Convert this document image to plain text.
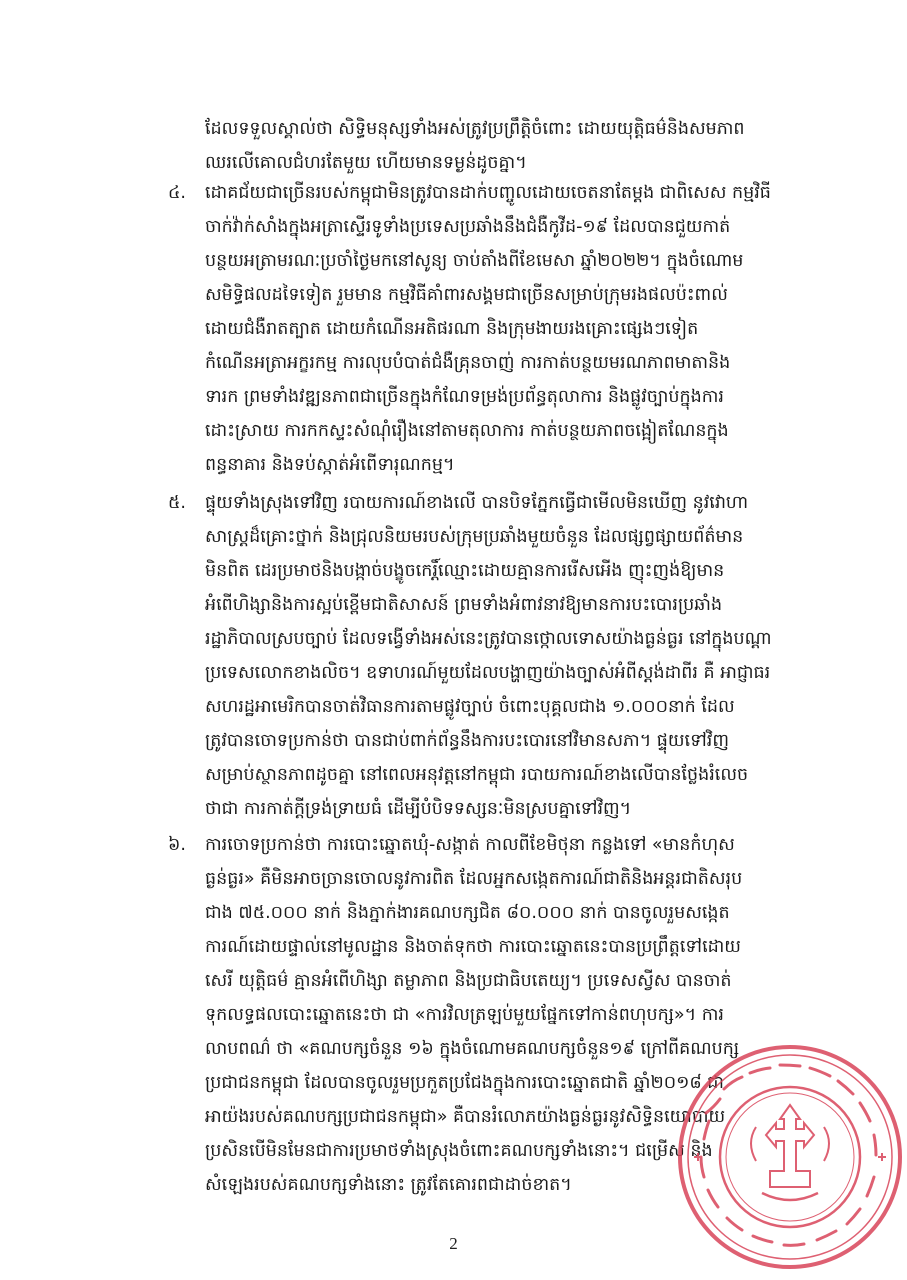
ដែលទទួលស្គាល់ថា សិទ្ធិមនុស្សទាំងអស់ត្រូវប្រព្រឹត្តិចំពោះ ដោយយុត្តិធម៌និងសមភាព
ឈរលើគោលជំហរតែមួយ ហើយមានទម្ងន់ដូចគ្នា។
៤.	ដោគជ័យជាច្រើនរបស់កម្ពុជាមិនត្រូវបានដាក់បញ្ចូលដោយចេតនាតែម្តង ជាពិសេស កម្មវិធី
ចាក់វ៉ាក់សាំងក្នុងអត្រាស្ទើរទូទាំងប្រទេសប្រឆាំងនឹងជំងឺកូវីដ-១៩ ដែលបានជួយកាត់
បន្ថយអត្រាមរណៈប្រចាំថ្ងៃមកនៅសូន្យ ចាប់តាំងពីខែមេសា ឆ្នាំ២០២២។ ក្នុងចំណោម
សមិទ្ធិផលដទៃទៀត រួមមាន កម្មវិធីគាំពារសង្គមជាច្រើនសម្រាប់ក្រុមរងផលប៉ះពាល់
ដោយជំងឺរាតត្បាត ដោយកំណើនអតិផរណា និងក្រុមងាយរងគ្រោះផ្សេងៗទៀត
កំណើនអត្រាអក្ខរកម្ម ការលុបបំបាត់ជំងឺគ្រុនចាញ់ ការកាត់បន្ថយមរណភាពមាតានិង
ទារក ព្រមទាំងវឌ្ឍនភាពជាច្រើនក្នុងកំណែទម្រង់ប្រព័ន្ធតុលាការ និងផ្លូវច្បាប់ក្នុងការ
ដោះស្រាយ ការកកស្ទះសំណុំរឿងនៅតាមតុលាការ កាត់បន្ថយភាពចង្អៀតណែនក្នុង
ពន្ធនាគារ និងទប់ស្កាត់អំពើទារុណកម្ម។
៥.	ផ្ទុយទាំងស្រុងទៅវិញ របាយការណ៍ខាងលើ បានបិទភ្នែកធ្វើជាមើលមិនឃើញ នូវវោហា
សាស្ត្រដ៏គ្រោះថ្នាក់ និងជ្រុលនិយមរបស់ក្រុមប្រឆាំងមួយចំនួន ដែលផ្សព្វផ្សាយព័ត៌មាន
មិនពិត ដេរប្រមាថនិងបង្កាច់បង្ខូចកេរ្តិ៍ឈ្មោះដោយគ្មានការរើសអើង ញុះញង់ឱ្យមាន
អំពើហិង្សានិងការស្អប់ខ្ពើមជាតិសាសន៍ ព្រមទាំងអំពាវនាវឱ្យមានការបះបោរប្រឆាំង
រដ្ឋាភិបាលស្របច្បាប់ ដែលទង្វើទាំងអស់នេះត្រូវបានថ្កោលទោសយ៉ាងធ្ងន់ធ្ងរ នៅក្នុងបណ្តា
ប្រទេសលោកខាងលិច។ ឧទាហរណ៍មួយដែលបង្ហាញយ៉ាងច្បាស់អំពីស្តង់ដាពីរ គឺ អាជ្ញាធរ
សហរដ្ឋអាមេរិកបានចាត់វិធានការតាមផ្លូវច្បាប់ ចំពោះបុគ្គលជាង ១.០០០នាក់ ដែល
ត្រូវបានចោទប្រកាន់ថា បានជាប់ពាក់ព័ន្ធនឹងការបះបោរនៅវិមានសភា។ ផ្ទុយទៅវិញ
សម្រាប់ស្ថានភាពដូចគ្នា នៅពេលអនុវត្តនៅកម្ពុជា របាយការណ៍ខាងលើបានថ្លែងរំលេច
ថាជា ការកាត់ក្តីទ្រង់ទ្រាយធំ ដើម្បីបំបិទទស្សនៈមិនស្របគ្នាទៅវិញ។
៦.	ការចោទប្រកាន់ថា ការបោះឆ្នោតឃុំ-សង្កាត់ កាលពីខែមិថុនា កន្លងទៅ «មានកំហុស
ធ្ងន់ធ្ងរ» គឺមិនអាចច្រានចោលនូវការពិត ដែលអ្នកសង្កេតការណ៍ជាតិនិងអន្តរជាតិសរុប
ជាង ៧៥.០០០ នាក់ និងភ្នាក់ងារគណបក្សជិត ៨០.០០០ នាក់ បានចូលរួមសង្កេត
ការណ៍ដោយផ្ទាល់នៅមូលដ្ឋាន និងចាត់ទុកថា ការបោះឆ្នោតនេះបានប្រព្រឹត្តទៅដោយ
សេរី យុត្តិធម៌ គ្មានអំពើហិង្សា តម្លាភាព និងប្រជាធិបតេយ្យ។ ប្រទេសស្វីស បានចាត់
ទុកលទ្ធផលបោះឆ្នោតនេះថា ជា «ការវិលត្រឡប់មួយផ្នែកទៅកាន់ពហុបក្ស»។ ការ
លាបពណ៌ ថា «គណបក្សចំនួន ១៦ ក្នុងចំណោមគណបក្សចំនួន១៩ ក្រៅពីគណបក្ស
ប្រជាជនកម្ពុជា ដែលបានចូលរួមប្រកួតប្រជែងក្នុងការបោះឆ្នោតជាតិ ឆ្នាំ២០១៨ ជា
អាយ៉ងរបស់គណបក្សប្រជាជនកម្ពុជា» គឺបានរំលោភយ៉ាងធ្ងន់ធ្ងរនូវសិទ្ធិនយោបាយ
ប្រសិនបើមិនមែនជាការប្រមាថទាំងស្រុងចំពោះគណបក្សទាំងនោះ។ ជម្រើស និង
សំឡេងរបស់គណបក្សទាំងនោះ ត្រូវតែគោរពជាដាច់ខាត។
2
